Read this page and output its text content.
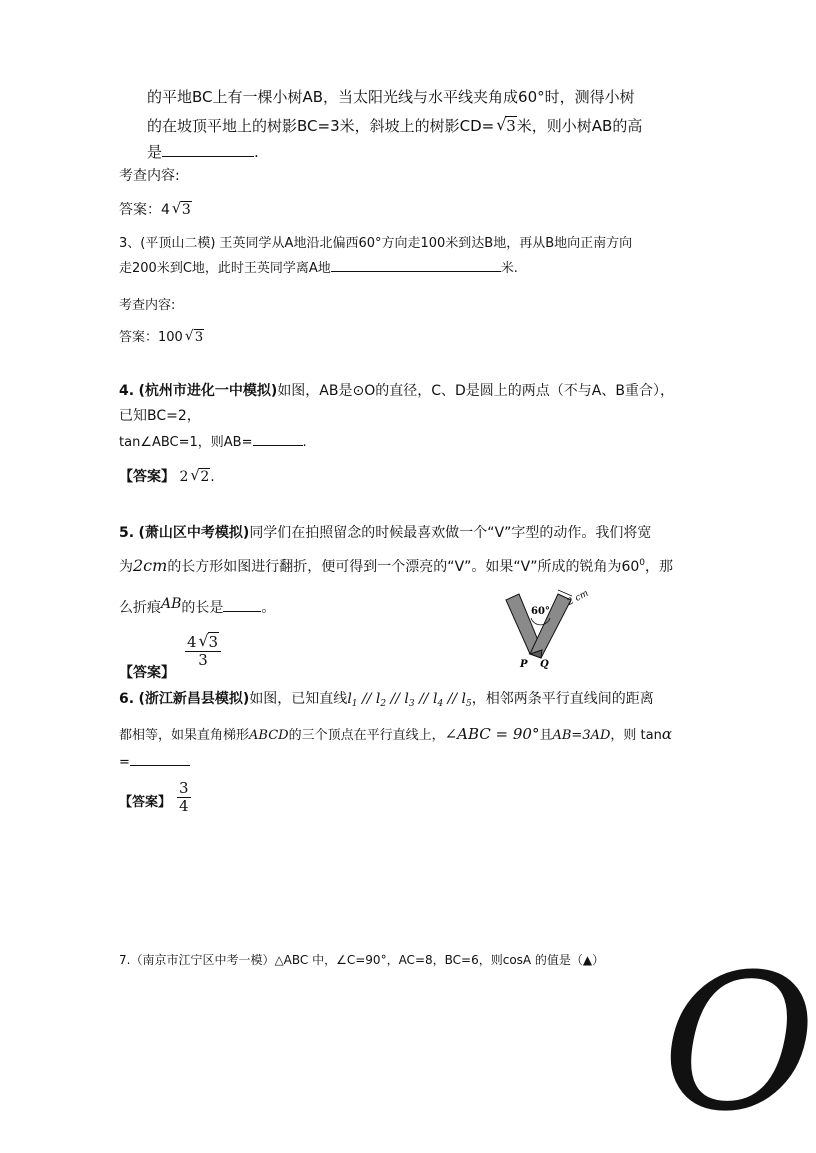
的平地BC上有一棵小树AB，当太阳光线与水平线夹角成60°时，测得小树
的在坡顶平地上的树影BC=3米，斜坡上的树影CD= √ 3米，则小树AB的高
是	.
考查内容:
答案：4 √ 3
3、(平顶山二模) 王英同学从A地沿北偏西60°方向走100米到达B地，再从B地向正南方向
走200米到C地，此时王英同学离A地	米.
考查内容:
答案：100 √ 3
4. (杭州市进化一中模拟)如图，AB是⊙O的直径，C、D是圆上的两点（不与A、B重合），
已知BC=2，
tan∠ABC=1，则AB=	.
【答案】 2 √ 2.
5. (萧山区中考模拟)同学们在拍照留念的时候最喜欢做一个“V”字型的动作。我们将宽
为2cm的长方形如图进行翻折，便可得到一个漂亮的“V”。如果“V”所成的锐角为$60^0$，那
么折痕AB的长是	。
【答案】
$\frac{4 √ 3}{3}$
60°
2 cm
P Q
6. (浙江新昌县模拟)如图，已知直线$l_1 // l_2 // l_3 // l_4 // l_5$，相邻两条平行直线间的距离
都相等，如果直角梯形ABCD的三个顶点在平行直线上，∠ABC = 90°且AB=3AD，则 tanα
=
【答案】 $\frac{3}{4}$
7.（南京市江宁区中考一模）△ABC 中，∠C=90°，AC=8，BC=6，则cosA 的值是（▲） O
